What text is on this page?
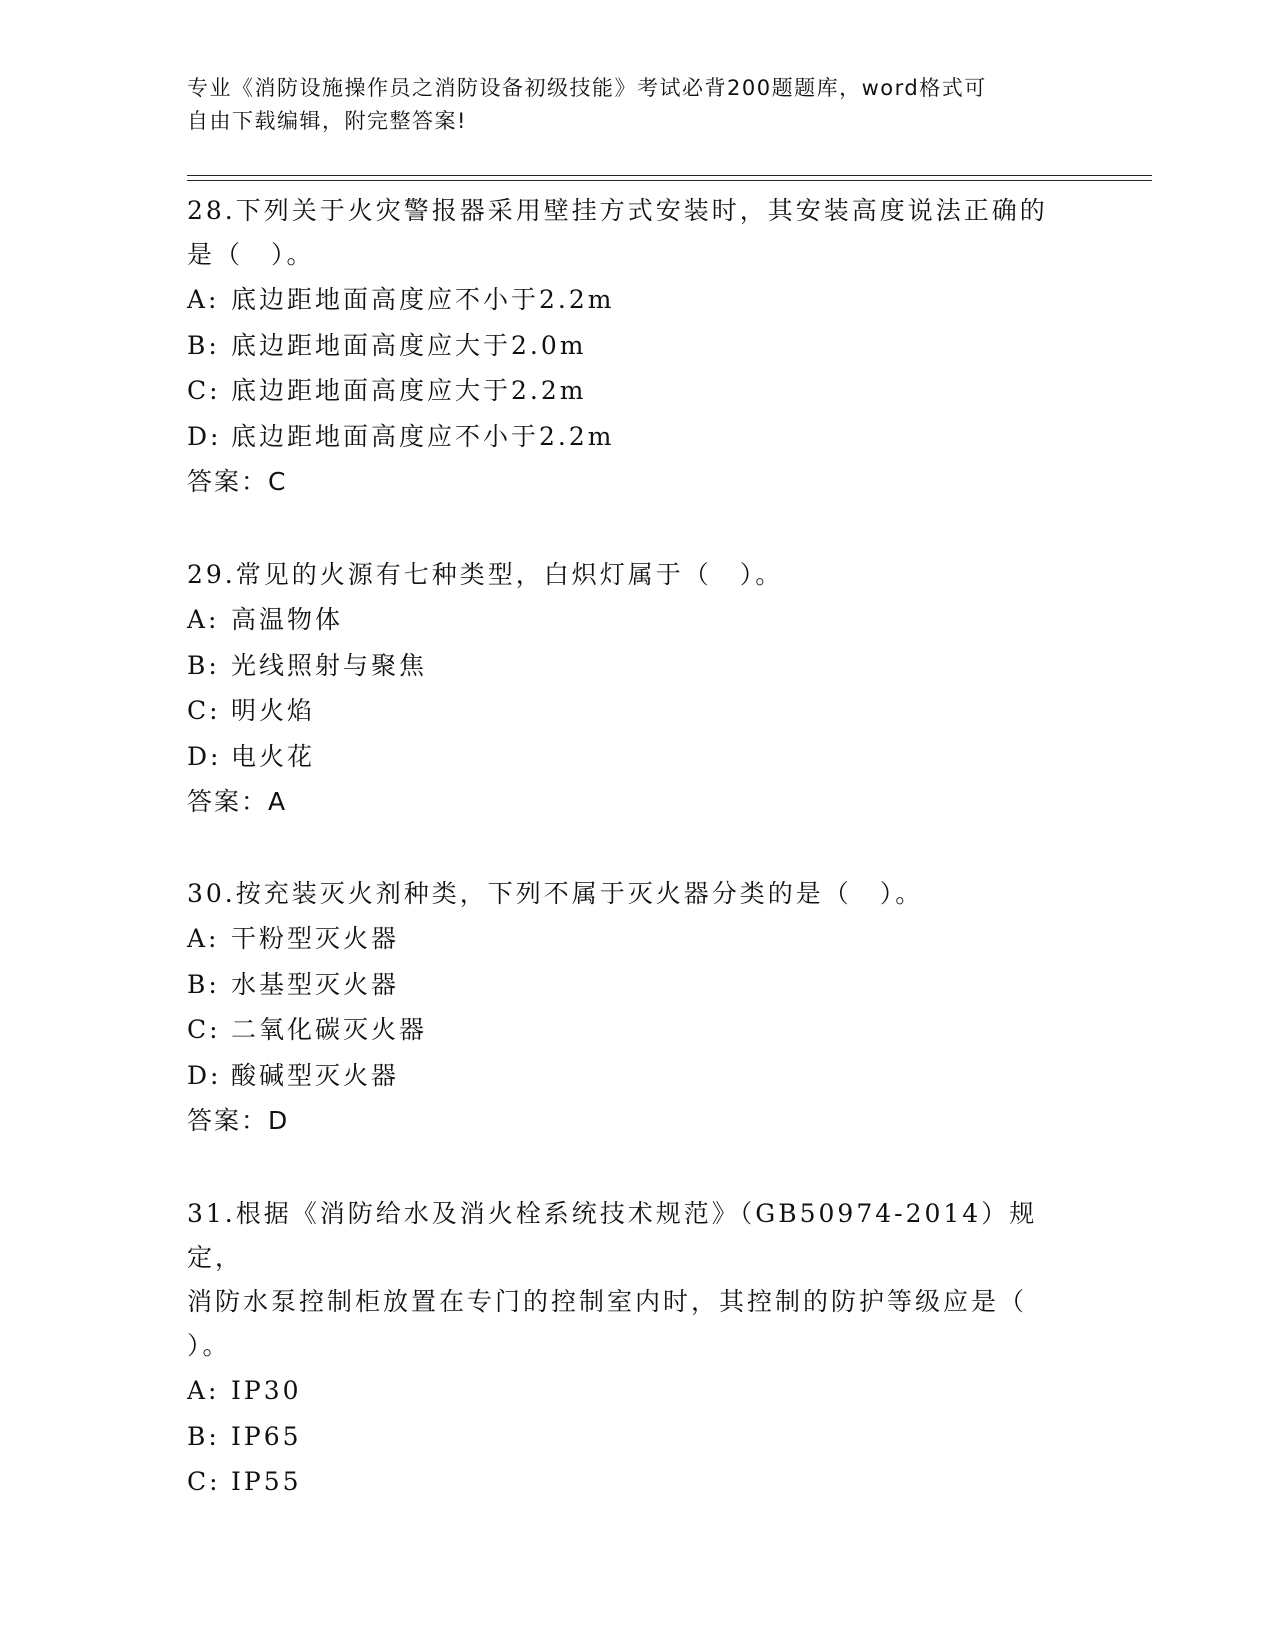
专业《消防设施操作员之消防设备初级技能》考试必背200题题库，word格式可
自由下载编辑，附完整答案!
28.下列关于火灾警报器采用壁挂方式安装时，其安装高度说法正确的
是（　）。
A: 底边距地面高度应不小于2.2m
B: 底边距地面高度应大于2.0m
C: 底边距地面高度应大于2.2m
D: 底边距地面高度应不小于2.2m
答案：C
29.常见的火源有七种类型，白炽灯属于（　）。
A: 高温物体
B: 光线照射与聚焦
C: 明火焰
D: 电火花
答案：A
30.按充装灭火剂种类，下列不属于灭火器分类的是（　）。
A: 干粉型灭火器
B: 水基型灭火器
C: 二氧化碳灭火器
D: 酸碱型灭火器
答案：D
31.根据《消防给水及消火栓系统技术规范》（GB50974-2014）规定，
消防水泵控制柜放置在专门的控制室内时，其控制的防护等级应是（
）。
A: IP30
B: IP65
C: IP55
